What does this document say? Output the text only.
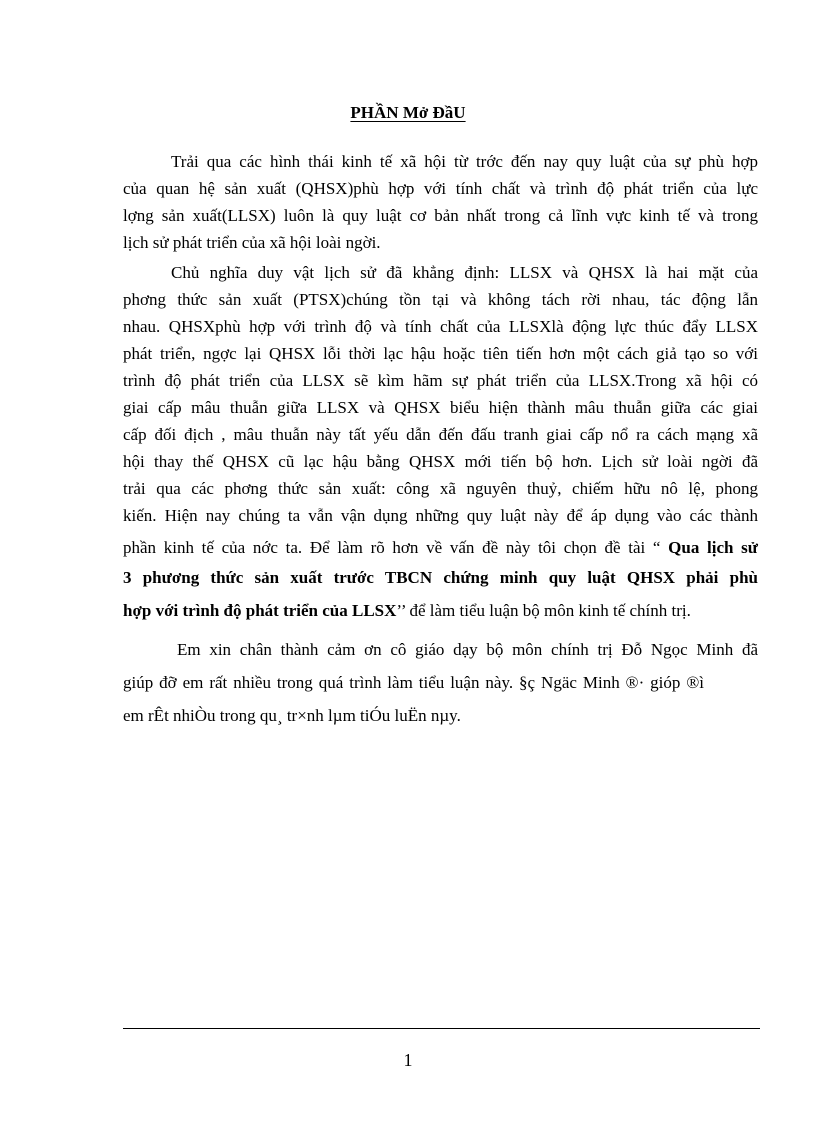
PHẦN Mở ĐầU
Trải qua các hình thái kinh tế xã hội từ trớc đến nay quy luật của sự phù hợp
của quan hệ sản xuất (QHSX)phù hợp với tính chất và trình độ phát triển của lực
lợng sản xuất(LLSX) luôn là quy luật cơ bản nhất trong cả lĩnh vực kinh tế và trong
lịch sử phát triển của xã hội loài ngời.
Chủ nghĩa duy vật lịch sử đã khẳng định: LLSX và QHSX là hai mặt của
phơng thức sản xuất (PTSX)chúng tồn tại và không tách rời nhau, tác động lẫn
nhau. QHSXphù hợp với trình độ và tính chất của LLSXlà động lực thúc đẩy LLSX
phát triển, ngợc lại QHSX lỗi thời lạc hậu hoặc tiên tiến hơn một cách giả tạo so với
trình độ phát triển của LLSX sẽ kìm hãm sự phát triển của LLSX.Trong xã hội có
giai cấp mâu thuẫn giữa LLSX và QHSX biểu hiện thành mâu thuẫn giữa các giai
cấp đối địch , mâu thuẫn này tất yếu dẫn đến đấu tranh giai cấp nổ ra cách mạng xã
hội thay thế QHSX cũ lạc hậu bằng QHSX mới tiến bộ hơn. Lịch sử loài ngời đã
trải qua các phơng thức sản xuất: công xã nguyên thuỷ, chiếm hữu nô lệ, phong
kiến. Hiện nay chúng ta vẫn vận dụng những quy luật này để áp dụng vào các thành
phần kinh tế của nớc ta. Để làm rõ hơn về vấn đề này tôi chọn đề tài “ Qua lịch sử
3 phương thức sản xuất trước TBCN chứng minh quy luật QHSX phải phù
hợp với trình độ phát triển của LLSX’’ để làm tiểu luận bộ môn kinh tế chính trị.
Em xin chân thành cảm ơn cô giáo dạy bộ môn chính trị Đỗ Ngọc Minh đã
giúp đỡ em rất nhiều trong quá trình làm tiểu luận này. §ç Ngäc Minh ®· gióp ®ì
em rÊt nhiÒu trong qu¸ tr×nh lµm tiÓu luËn nµy.
1
